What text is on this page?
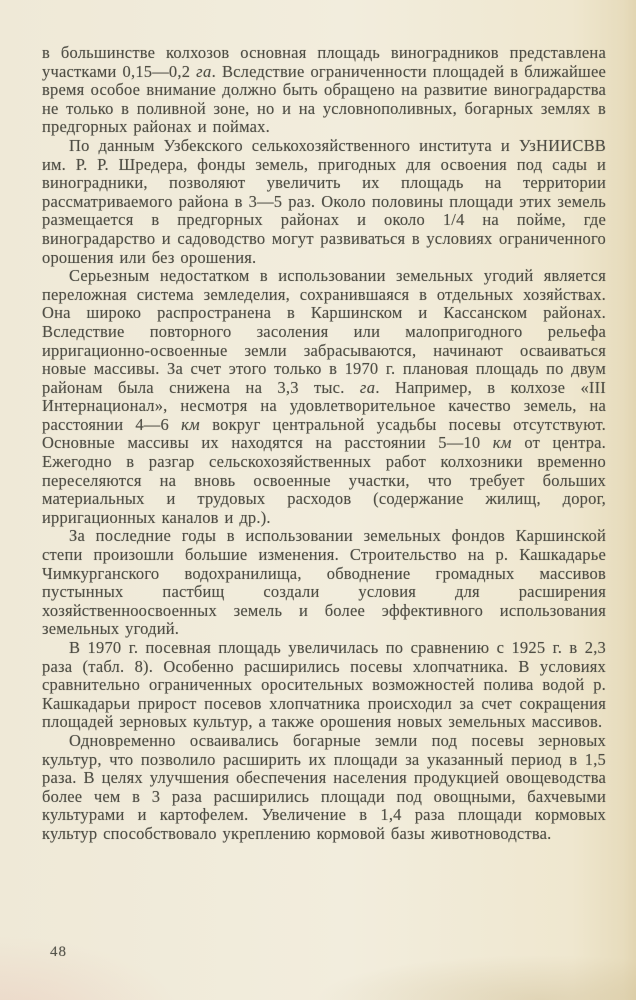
в большинстве колхозов основная площадь виноградников представлена участками 0,15—0,2 га. Вследствие ограниченности площадей в ближайшее время особое внимание должно быть обращено на развитие виноградарства не только в поливной зоне, но и на условнополивных, богарных землях в предгорных районах и поймах.

По данным Узбекского селькохозяйственного института и УзНИИСВВ им. Р. Р. Шредера, фонды земель, пригодных для освоения под сады и виноградники, позволяют увеличить их площадь на территории рассматриваемого района в 3—5 раз. Около половины площади этих земель размещается в предгорных районах и около 1/4 на пойме, где виноградарство и садоводство могут развиваться в условиях ограниченного орошения или без орошения.

Серьезным недостатком в использовании земельных угодий является переложная система земледелия, сохранившаяся в отдельных хозяйствах. Она широко распространена в Каршинском и Кассанском районах. Вследствие повторного засоления или малопригодного рельефа ирригационно-освоенные земли забрасываются, начинают осваиваться новые массивы. За счет этого только в 1970 г. плановая площадь по двум районам была снижена на 3,3 тыс. га. Например, в колхозе «III Интернационал», несмотря на удовлетворительное качество земель, на расстоянии 4—6 км вокруг центральной усадьбы посевы отсутствуют. Основные массивы их находятся на расстоянии 5—10 км от центра. Ежегодно в разгар сельскохозяйственных работ колхозники временно переселяются на вновь освоенные участки, что требует больших материальных и трудовых расходов (содержание жилищ, дорог, ирригационных каналов и др.).

За последние годы в использовании земельных фондов Каршинской степи произошли большие изменения. Строительство на р. Кашкадарье Чимкурганского водохранилища, обводнение громадных массивов пустынных пастбищ создали условия для расширения хозяйственноосвоенных земель и более эффективного использования земельных угодий.

В 1970 г. посевная площадь увеличилась по сравнению с 1925 г. в 2,3 раза (табл. 8). Особенно расширились посевы хлопчатника. В условиях сравнительно ограниченных оросительных возможностей полива водой р. Кашкадарьи прирост посевов хлопчатника происходил за счет сокращения площадей зерновых культур, а также орошения новых земельных массивов.

Одновременно осваивались богарные земли под посевы зерновых культур, что позволило расширить их площади за указанный период в 1,5 раза. В целях улучшения обеспечения населения продукцией овощеводства более чем в 3 раза расширились площади под овощными, бахчевыми культурами и картофелем. Увеличение в 1,4 раза площади кормовых культур способствовало укреплению кормовой базы животноводства.

48
